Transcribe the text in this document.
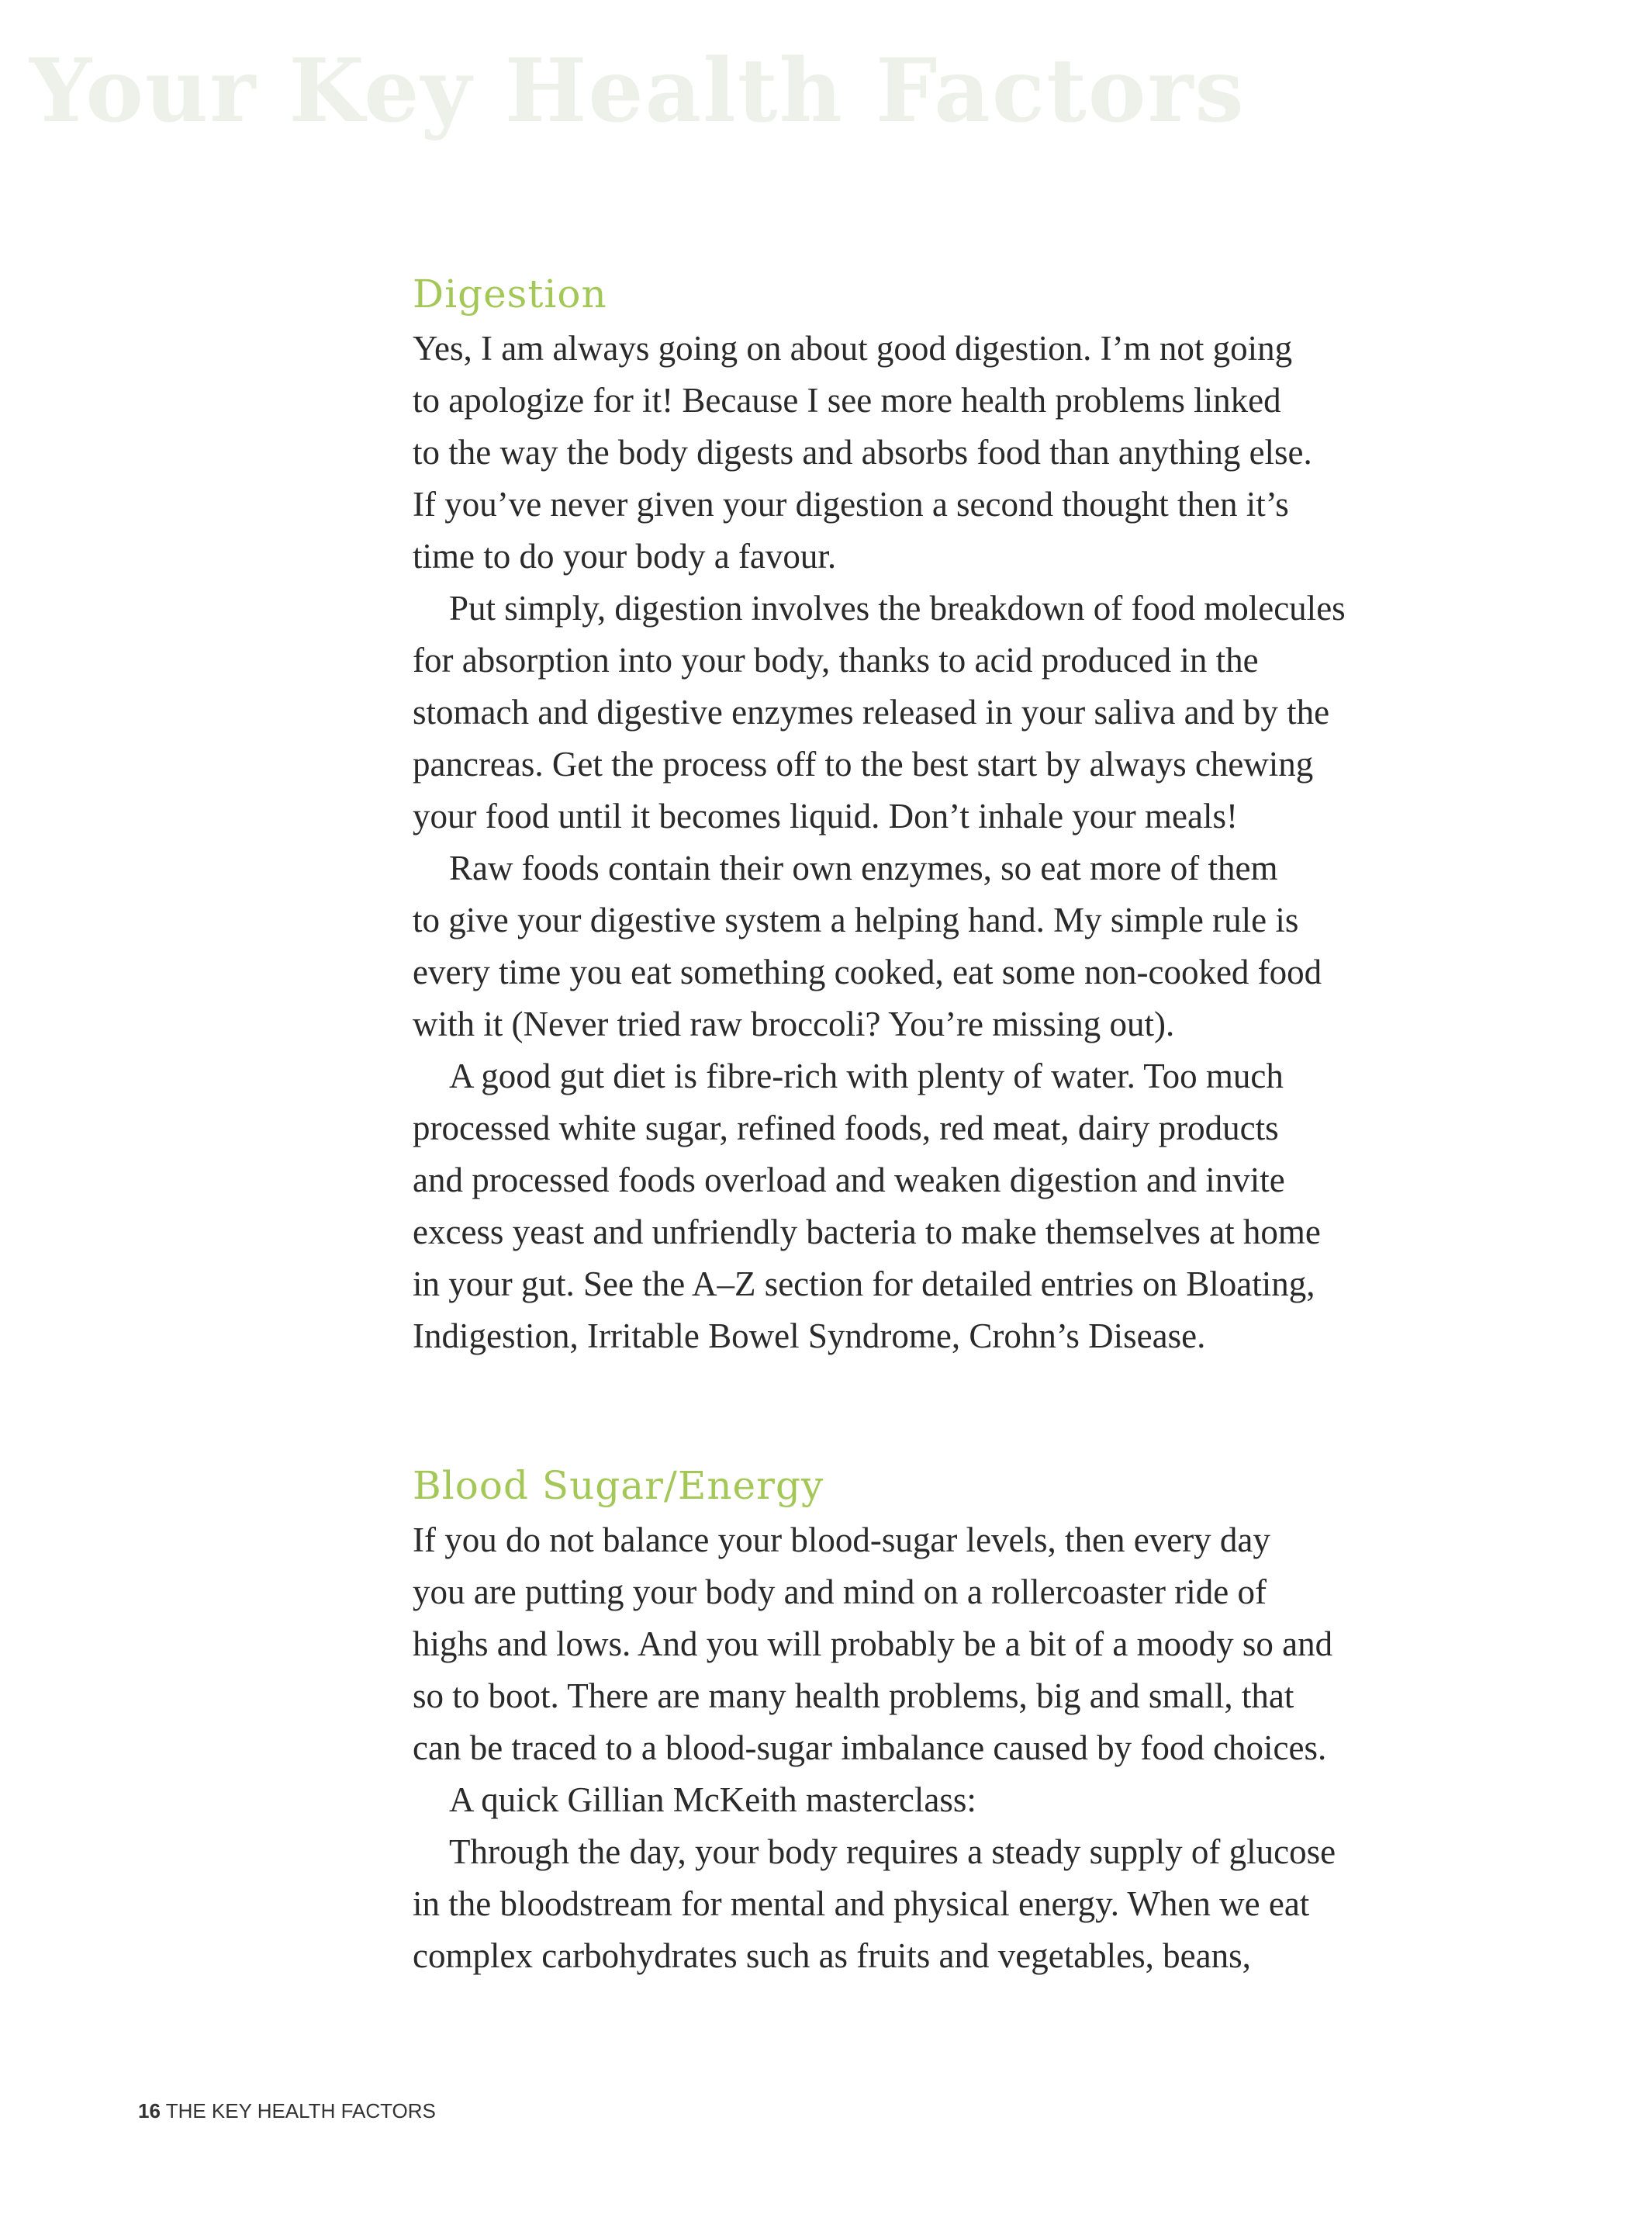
Your Key Health Factors
Digestion
Yes, I am always going on about good digestion. I’m not going
to apologize for it! Because I see more health problems linked
to the way the body digests and absorbs food than anything else.
If you’ve never given your digestion a second thought then it’s
time to do your body a favour.
Put simply, digestion involves the breakdown of food molecules
for absorption into your body, thanks to acid produced in the
stomach and digestive enzymes released in your saliva and by the
pancreas. Get the process off to the best start by always chewing
your food until it becomes liquid. Don’t inhale your meals!
Raw foods contain their own enzymes, so eat more of them
to give your digestive system a helping hand. My simple rule is
every time you eat something cooked, eat some non-cooked food
with it (Never tried raw broccoli? You’re missing out).
A good gut diet is fibre-rich with plenty of water. Too much
processed white sugar, refined foods, red meat, dairy products
and processed foods overload and weaken digestion and invite
excess yeast and unfriendly bacteria to make themselves at home
in your gut. See the A–Z section for detailed entries on Bloating,
Indigestion, Irritable Bowel Syndrome, Crohn’s Disease.
Blood Sugar/Energy
If you do not balance your blood-sugar levels, then every day
you are putting your body and mind on a rollercoaster ride of
highs and lows. And you will probably be a bit of a moody so and
so to boot. There are many health problems, big and small, that
can be traced to a blood-sugar imbalance caused by food choices.
A quick Gillian McKeith masterclass:
Through the day, your body requires a steady supply of glucose
in the bloodstream for mental and physical energy. When we eat
complex carbohydrates such as fruits and vegetables, beans,
16 THE KEY HEALTH FACTORS
